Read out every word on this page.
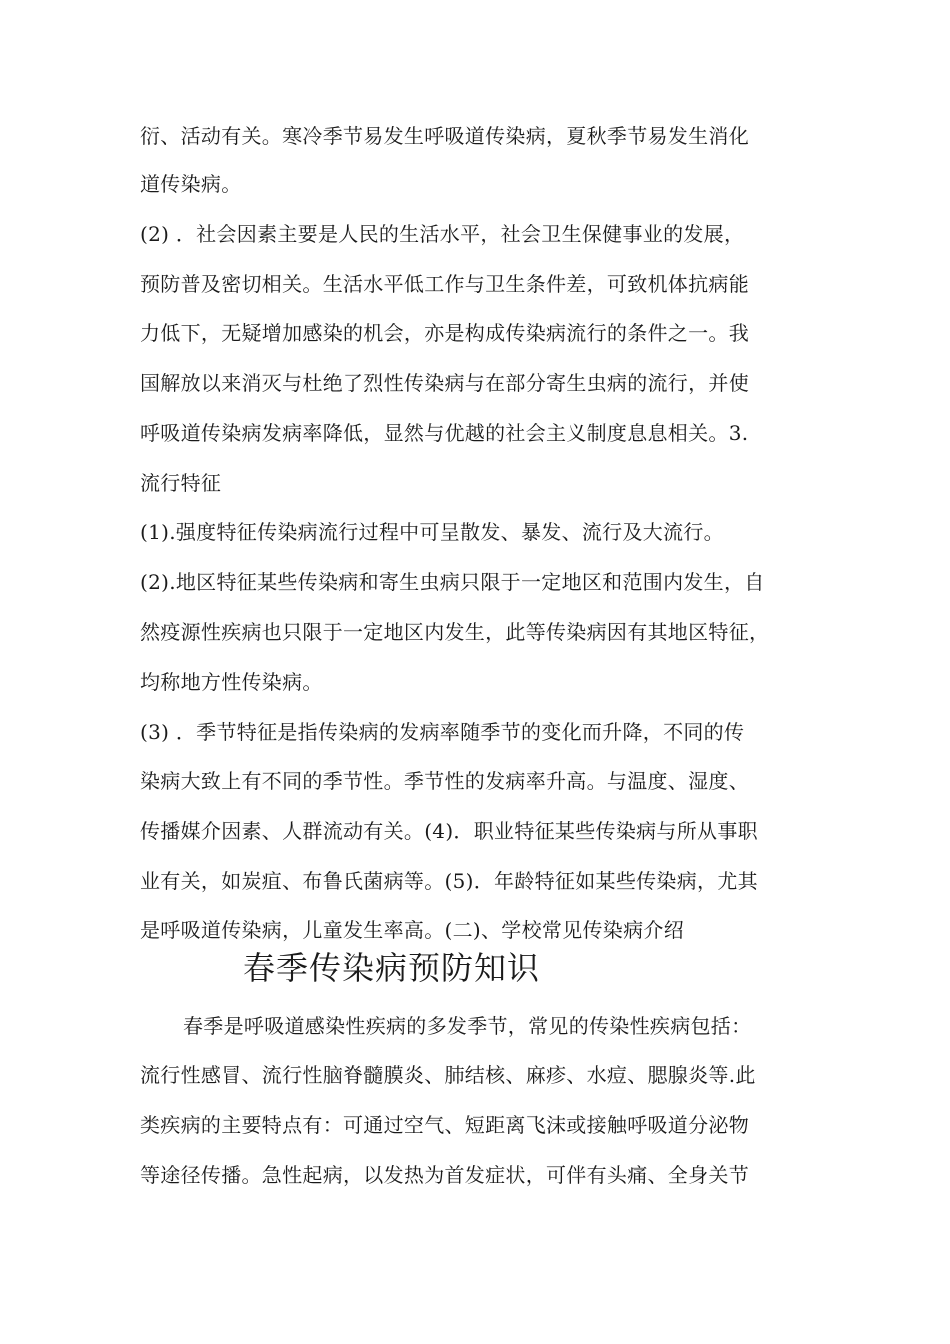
衍、活动有关。寒冷季节易发生呼吸道传染病，夏秋季节易发生消化
道传染病。
(2) ．社会因素主要是人民的生活水平，社会卫生保健事业的发展，
预防普及密切相关。生活水平低工作与卫生条件差，可致机体抗病能
力低下，无疑增加感染的机会，亦是构成传染病流行的条件之一。我
国解放以来消灭与杜绝了烈性传染病与在部分寄生虫病的流行，并使
呼吸道传染病发病率降低，显然与优越的社会主义制度息息相关。3.
流行特征
(1).强度特征传染病流行过程中可呈散发、暴发、流行及大流行。
(2).地区特征某些传染病和寄生虫病只限于一定地区和范围内发生，自
然疫源性疾病也只限于一定地区内发生，此等传染病因有其地区特征，
均称地方性传染病。
(3) ．季节特征是指传染病的发病率随季节的变化而升降，不同的传
染病大致上有不同的季节性。季节性的发病率升高。与温度、湿度、
传播媒介因素、人群流动有关。(4)．职业特征某些传染病与所从事职
业有关，如炭疽、布鲁氏菌病等。(5)．年龄特征如某些传染病，尤其
是呼吸道传染病，儿童发生率高。(二)、学校常见传染病介绍
春季传染病预防知识
春季是呼吸道感染性疾病的多发季节，常见的传染性疾病包括：
流行性感冒、流行性脑脊髓膜炎、肺结核、麻疹、水痘、腮腺炎等.此
类疾病的主要特点有：可通过空气、短距离飞沫或接触呼吸道分泌物
等途径传播。急性起病，以发热为首发症状，可伴有头痛、全身关节
